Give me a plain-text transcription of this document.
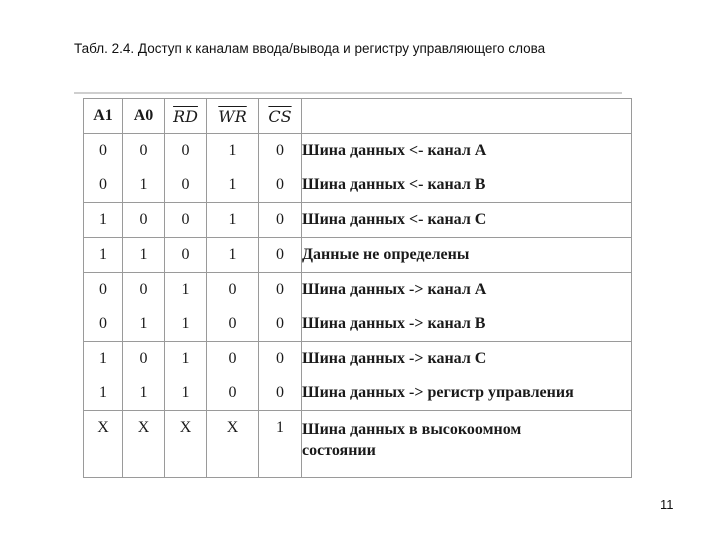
Табл. 2.4. Доступ к каналам ввода/вывода и регистру управляющего слова
A1	A0	$\overline{RD}$	$\overline{WR}$	$\overline{CS}$	
0	0	0	1	0	Шина данных <- канал А
0	1	0	1	0	Шина данных <- канал В
1	0	0	1	0	Шина данных <- канал С
1	1	0	1	0	Данные не определены
0	0	1	0	0	Шина данных -> канал А
0	1	1	0	0	Шина данных -> канал В
1	0	1	0	0	Шина данных -> канал С
1	1	1	0	0	Шина данных -> регистр управления
X	X	X	X	1	Шина данных в высокоомном состоянии
11
